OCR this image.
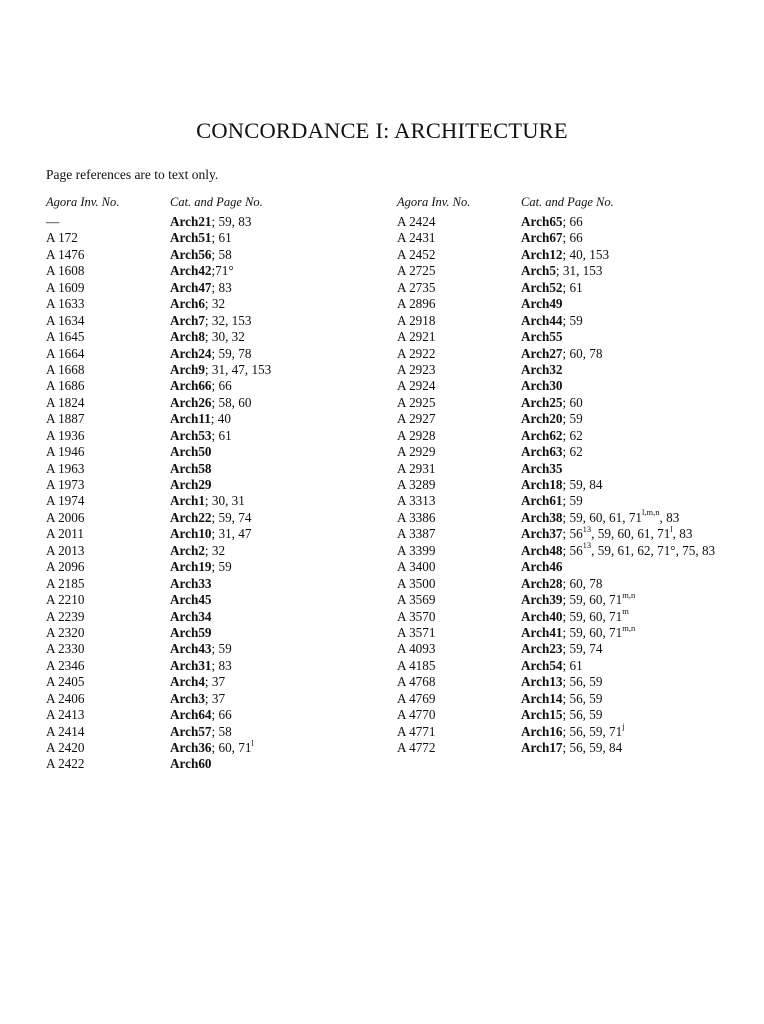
CONCORDANCE I: ARCHITECTURE
Page references are to text only.
Agora Inv. No.	Cat. and Page No.
—	Arch21; 59, 83
A 172	Arch51; 61
A 1476	Arch56; 58
A 1608	Arch42;71°
A 1609	Arch47; 83
A 1633	Arch6; 32
A 1634	Arch7; 32, 153
A 1645	Arch8; 30, 32
A 1664	Arch24; 59, 78
A 1668	Arch9; 31, 47, 153
A 1686	Arch66; 66
A 1824	Arch26; 58, 60
A 1887	Arch11; 40
A 1936	Arch53; 61
A 1946	Arch50
A 1963	Arch58
A 1973	Arch29
A 1974	Arch1; 30, 31
A 2006	Arch22; 59, 74
A 2011	Arch10; 31, 47
A 2013	Arch2; 32
A 2096	Arch19; 59
A 2185	Arch33
A 2210	Arch45
A 2239	Arch34
A 2320	Arch59
A 2330	Arch43; 59
A 2346	Arch31; 83
A 2405	Arch4; 37
A 2406	Arch3; 37
A 2413	Arch64; 66
A 2414	Arch57; 58
A 2420	Arch36; 60, 71$^l$
A 2422	Arch60
Agora Inv. No.	Cat. and Page No.
A 2424	Arch65; 66
A 2431	Arch67; 66
A 2452	Arch12; 40, 153
A 2725	Arch5; 31, 153
A 2735	Arch52; 61
A 2896	Arch49
A 2918	Arch44; 59
A 2921	Arch55
A 2922	Arch27; 60, 78
A 2923	Arch32
A 2924	Arch30
A 2925	Arch25; 60
A 2927	Arch20; 59
A 2928	Arch62; 62
A 2929	Arch63; 62
A 2931	Arch35
A 3289	Arch18; 59, 84
A 3313	Arch61; 59
A 3386	Arch38; 59, 60, 61, 71$^{l,m,n}$, 83
A 3387	Arch37; $56^{13}$, 59, 60, 61, 71$^l$, 83
A 3399	Arch48; $56^{13}$, 59, 61, 62, 71°, 75, 83
A 3400	Arch46
A 3500	Arch28; 60, 78
A 3569	Arch39; 59, 60, 71$^{m,n}$
A 3570	Arch40; 59, 60, 71$^m$
A 3571	Arch41; 59, 60, 71$^{m,n}$
A 4093	Arch23; 59, 74
A 4185	Arch54; 61
A 4768	Arch13; 56, 59
A 4769	Arch14; 56, 59
A 4770	Arch15; 56, 59
A 4771	Arch16; 56, 59, 71$^j$
A 4772	Arch17; 56, 59, 84
